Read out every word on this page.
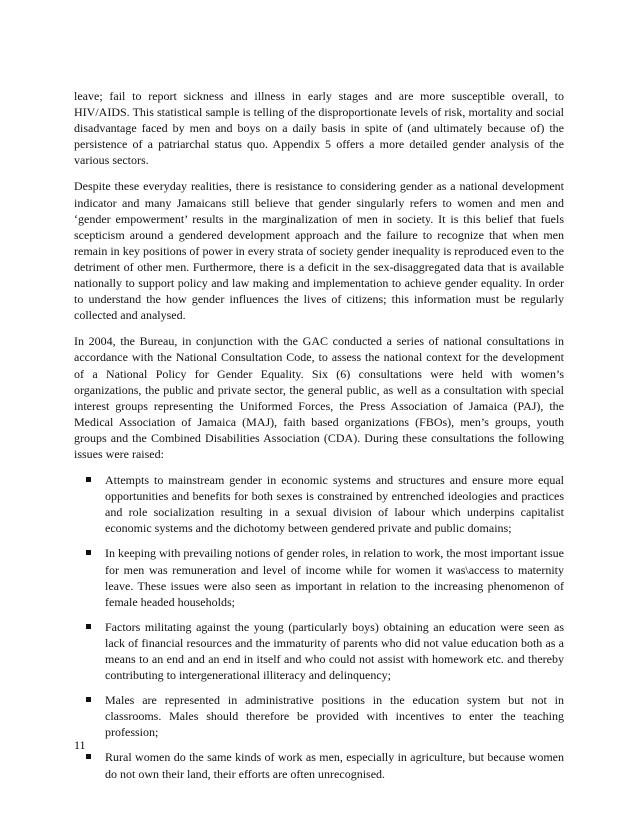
leave; fail to report sickness and illness in early stages and are more susceptible overall, to HIV/AIDS. This statistical sample is telling of the disproportionate levels of risk, mortality and social disadvantage faced by men and boys on a daily basis in spite of (and ultimately because of) the persistence of a patriarchal status quo. Appendix 5 offers a more detailed gender analysis of the various sectors.

Despite these everyday realities, there is resistance to considering gender as a national development indicator and many Jamaicans still believe that gender singularly refers to women and men and ‘gender empowerment’ results in the marginalization of men in society. It is this belief that fuels scepticism around a gendered development approach and the failure to recognize that when men remain in key positions of power in every strata of society gender inequality is reproduced even to the detriment of other men. Furthermore, there is a deficit in the sex-disaggregated data that is available nationally to support policy and law making and implementation to achieve gender equality. In order to understand the how gender influences the lives of citizens; this information must be regularly collected and analysed.

In 2004, the Bureau, in conjunction with the GAC conducted a series of national consultations in accordance with the National Consultation Code, to assess the national context for the development of a National Policy for Gender Equality. Six (6) consultations were held with women’s organizations, the public and private sector, the general public, as well as a consultation with special interest groups representing the Uniformed Forces, the Press Association of Jamaica (PAJ), the Medical Association of Jamaica (MAJ), faith based organizations (FBOs), men’s groups, youth groups and the Combined Disabilities Association (CDA). During these consultations the following issues were raised:

Attempts to mainstream gender in economic systems and structures and ensure more equal opportunities and benefits for both sexes is constrained by entrenched ideologies and practices and role socialization resulting in a sexual division of labour which underpins capitalist economic systems and the dichotomy between gendered private and public domains;
In keeping with prevailing notions of gender roles, in relation to work, the most important issue for men was remuneration and level of income while for women it was\access to maternity leave. These issues were also seen as important in relation to the increasing phenomenon of female headed households;
Factors militating against the young (particularly boys) obtaining an education were seen as lack of financial resources and the immaturity of parents who did not value education both as a means to an end and an end in itself and who could not assist with homework etc. and thereby contributing to intergenerational illiteracy and delinquency;
Males are represented in administrative positions in the education system but not in classrooms. Males should therefore be provided with incentives to enter the teaching profession;
Rural women do the same kinds of work as men, especially in agriculture, but because women do not own their land, their efforts are often unrecognised.
11
